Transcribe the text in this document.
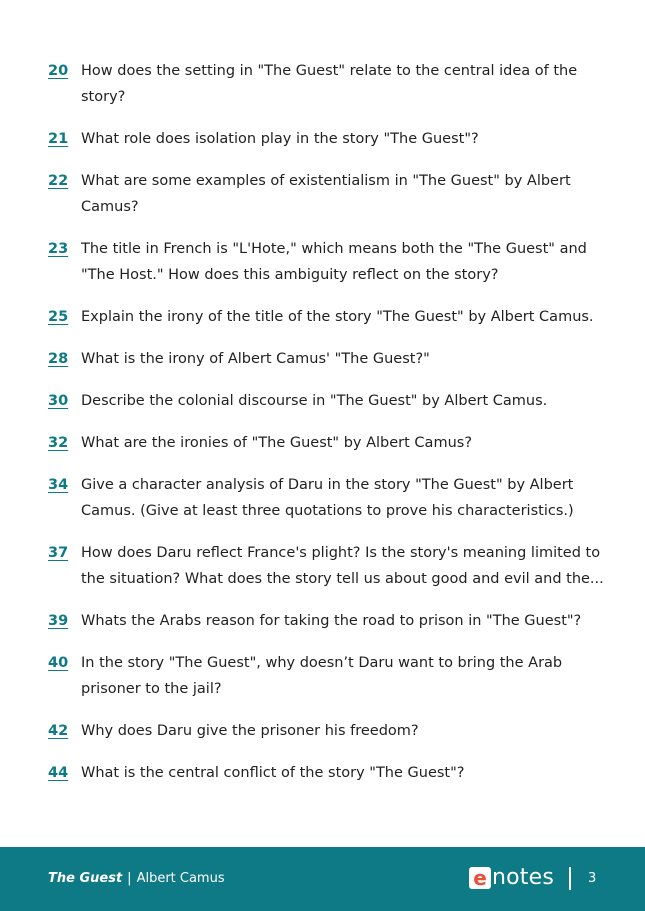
20 How does the setting in "The Guest" relate to the central idea of the story?
21 What role does isolation play in the story "The Guest"?
22 What are some examples of existentialism in "The Guest" by Albert Camus?
23 The title in French is "L'Hote," which means both the "The Guest" and "The Host." How does this ambiguity reflect on the story?
25 Explain the irony of the title of the story "The Guest" by Albert Camus.
28 What is the irony of Albert Camus' "The Guest?"
30 Describe the colonial discourse in "The Guest" by Albert Camus.
32 What are the ironies of "The Guest" by Albert Camus?
34 Give a character analysis of Daru in the story "The Guest" by Albert Camus. (Give at least three quotations to prove his characteristics.)
37 How does Daru reflect France's plight? Is the story's meaning limited to the situation? What does the story tell us about good and evil and the...
39 Whats the Arabs reason for taking the road to prison in "The Guest"?
40 In the story "The Guest", why doesn’t Daru want to bring the Arab prisoner to the jail?
42 Why does Daru give the prisoner his freedom?
44 What is the central conflict of the story "The Guest"?
The Guest | Albert Camus	e notes	3
